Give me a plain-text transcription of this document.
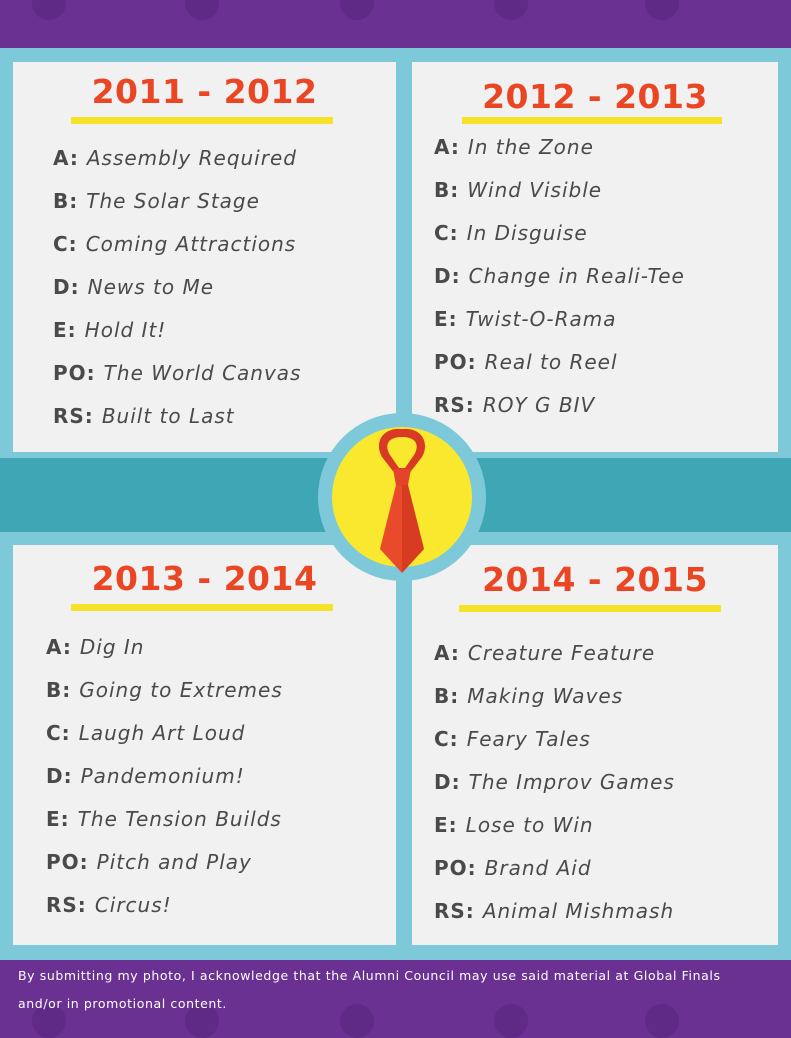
2011 - 2012
A: Assembly Required
B: The Solar Stage
C: Coming Attractions
D: News to Me
E: Hold It!
PO: The World Canvas
RS: Built to Last
2012 - 2013
A: In the Zone
B: Wind Visible
C: In Disguise
D: Change in Reali-Tee
E: Twist-O-Rama
PO: Real to Reel
RS: ROY G BIV
2013 - 2014
A: Dig In
B: Going to Extremes
C: Laugh Art Loud
D: Pandemonium!
E: The Tension Builds
PO: Pitch and Play
RS: Circus!
2014 - 2015
A: Creature Feature
B: Making Waves
C: Feary Tales
D: The Improv Games
E: Lose to Win
PO: Brand Aid
RS: Animal Mishmash
By submitting my photo, I acknowledge that the Alumni Council may use said material at Global Finals
and/or in promotional content.
